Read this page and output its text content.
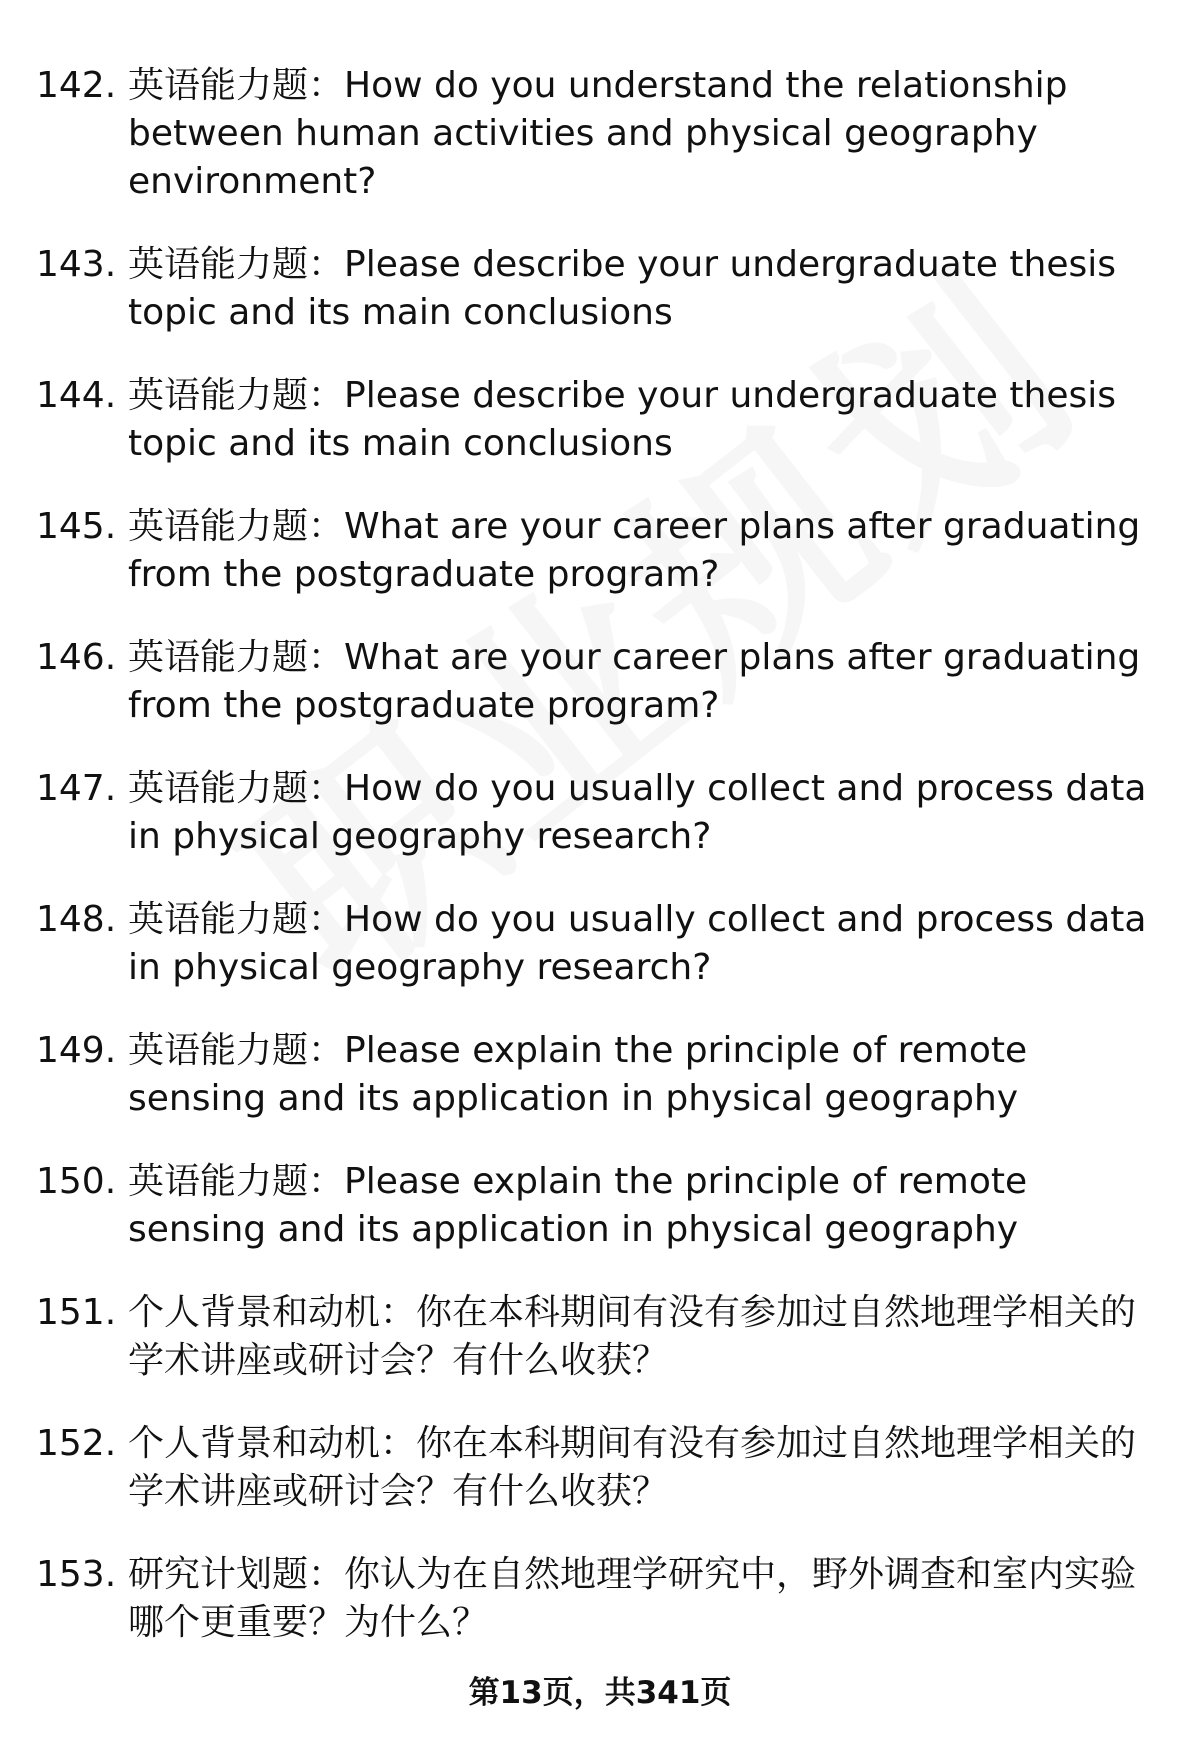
142. 英语能力题：How do you understand the relationship between human activities and physical geography environment?
143. 英语能力题：Please describe your undergraduate thesis topic and its main conclusions
144. 英语能力题：Please describe your undergraduate thesis topic and its main conclusions
145. 英语能力题：What are your career plans after graduating from the postgraduate program?
146. 英语能力题：What are your career plans after graduating from the postgraduate program?
147. 英语能力题：How do you usually collect and process data in physical geography research?
148. 英语能力题：How do you usually collect and process data in physical geography research?
149. 英语能力题：Please explain the principle of remote sensing and its application in physical geography
150. 英语能力题：Please explain the principle of remote sensing and its application in physical geography
151. 个人背景和动机：你在本科期间有没有参加过自然地理学相关的学术讲座或研讨会？有什么收获？
152. 个人背景和动机：你在本科期间有没有参加过自然地理学相关的学术讲座或研讨会？有什么收获？
153. 研究计划题：你认为在自然地理学研究中，野外调查和室内实验哪个更重要？为什么？
第13页，共341页
